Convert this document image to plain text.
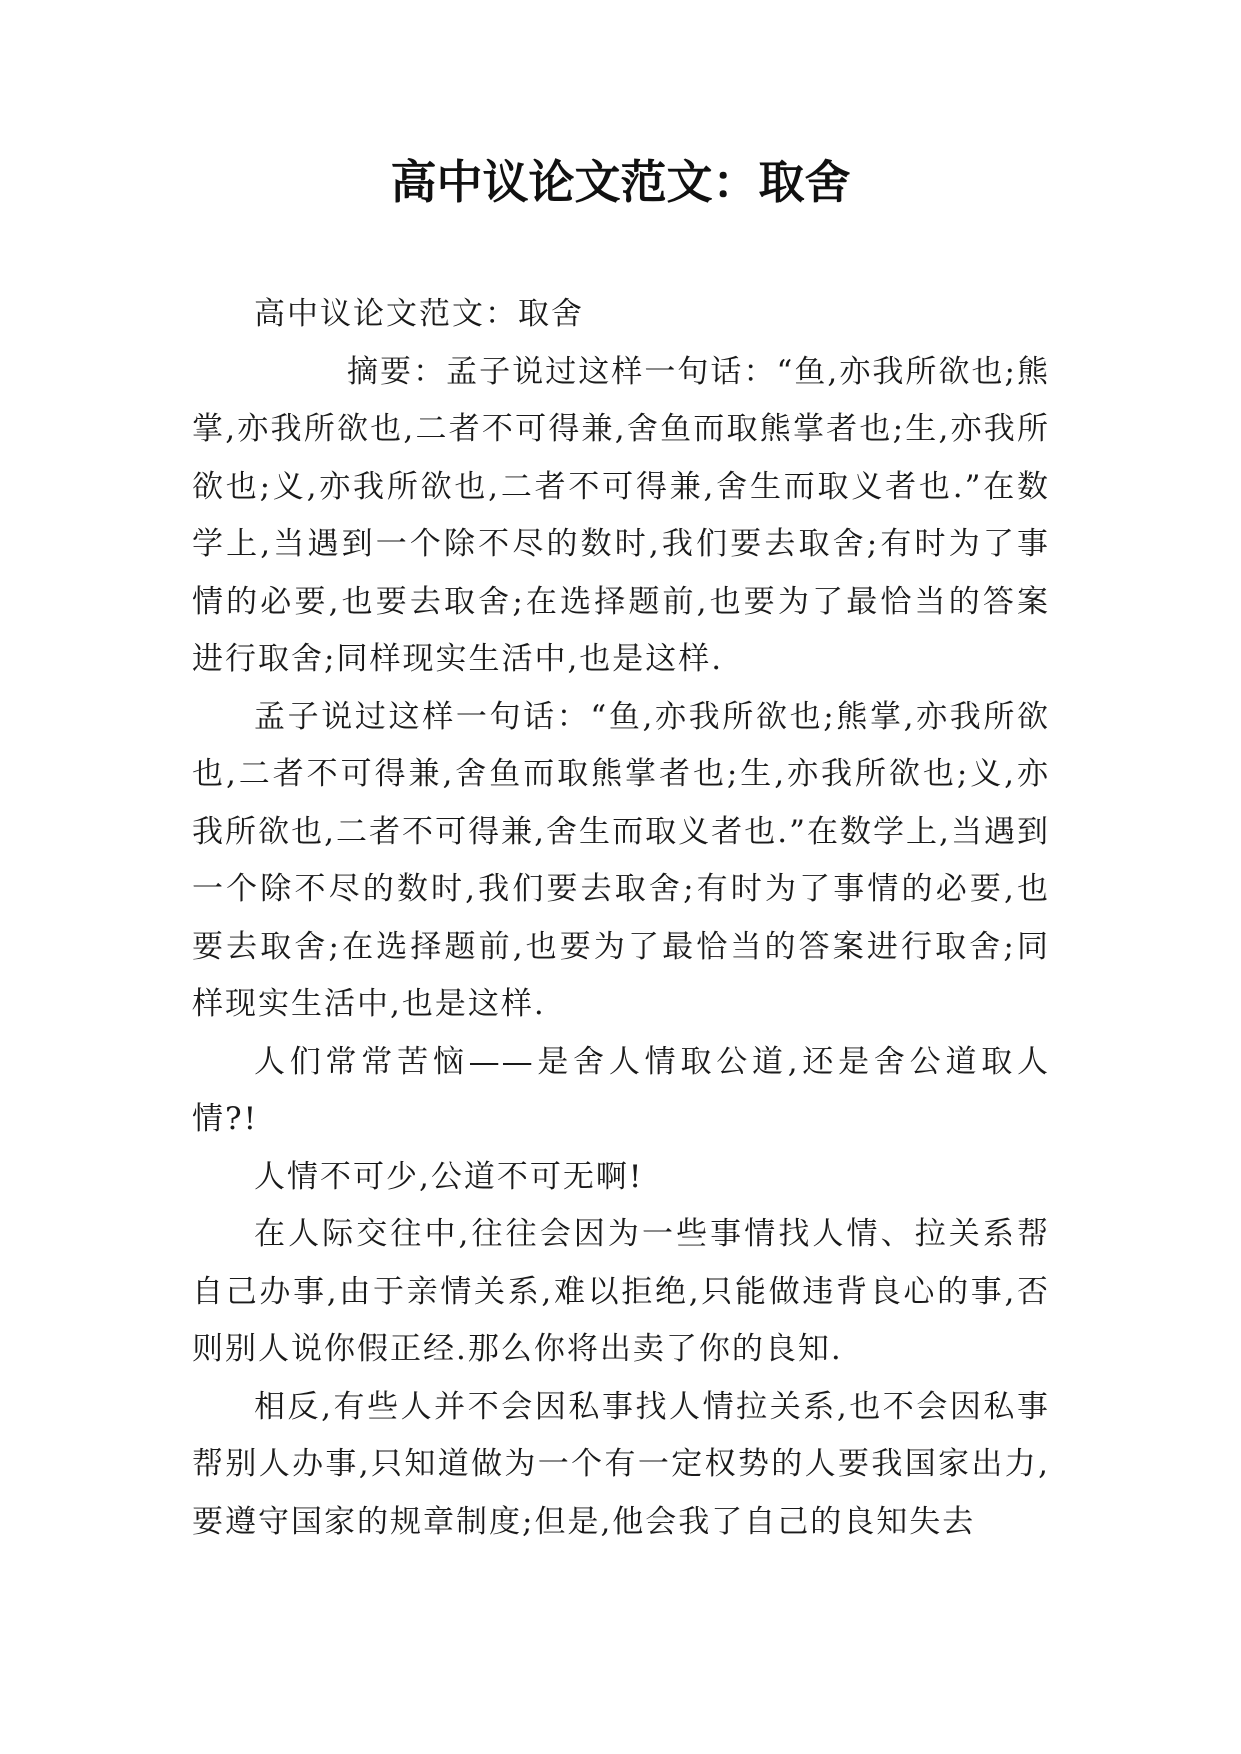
高中议论文范文：取舍

高中议论文范文：取舍

摘要：孟子说过这样一句话：“鱼,亦我所欲也;熊掌,亦我所欲也,二者不可得兼,舍鱼而取熊掌者也;生,亦我所欲也;义,亦我所欲也,二者不可得兼,舍生而取义者也.”在数学上,当遇到一个除不尽的数时,我们要去取舍;有时为了事情的必要,也要去取舍;在选择题前,也要为了最恰当的答案进行取舍;同样现实生活中,也是这样.

孟子说过这样一句话：“鱼,亦我所欲也;熊掌,亦我所欲也,二者不可得兼,舍鱼而取熊掌者也;生,亦我所欲也;义,亦我所欲也,二者不可得兼,舍生而取义者也.”在数学上,当遇到一个除不尽的数时,我们要去取舍;有时为了事情的必要,也要去取舍;在选择题前,也要为了最恰当的答案进行取舍;同样现实生活中,也是这样.

人们常常苦恼——是舍人情取公道,还是舍公道取人情?!

人情不可少,公道不可无啊!

在人际交往中,往往会因为一些事情找人情、拉关系帮自己办事,由于亲情关系,难以拒绝,只能做违背良心的事,否则别人说你假正经.那么你将出卖了你的良知.

相反,有些人并不会因私事找人情拉关系,也不会因私事帮别人办事,只知道做为一个有一定权势的人要我国家出力,要遵守国家的规章制度;但是,他会我了自己的良知失去
